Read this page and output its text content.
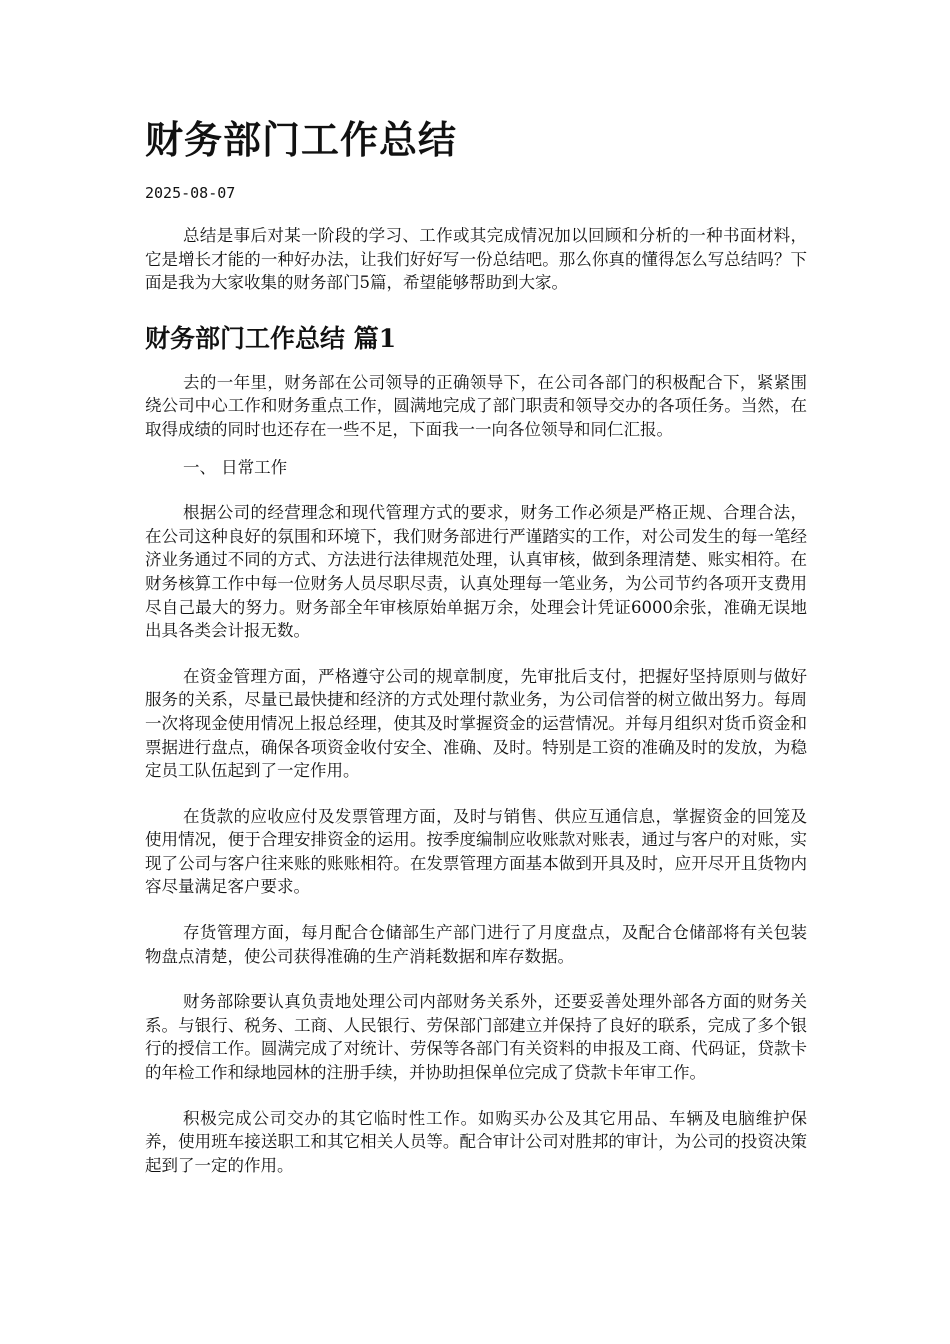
财务部门工作总结
2025-08-07

总结是事后对某一阶段的学习、工作或其完成情况加以回顾和分析的一种书面材料，它是增长才能的一种好办法，让我们好好写一份总结吧。那么你真的懂得怎么写总结吗？下面是我为大家收集的财务部门5篇，希望能够帮助到大家。

财务部门工作总结 篇1

去的一年里，财务部在公司领导的正确领导下，在公司各部门的积极配合下，紧紧围绕公司中心工作和财务重点工作，圆满地完成了部门职责和领导交办的各项任务。当然，在取得成绩的同时也还存在一些不足，下面我一一向各位领导和同仁汇报。

一、 日常工作

根据公司的经营理念和现代管理方式的要求，财务工作必须是严格正规、合理合法，在公司这种良好的氛围和环境下，我们财务部进行严谨踏实的工作，对公司发生的每一笔经济业务通过不同的方式、方法进行法律规范处理，认真审核，做到条理清楚、账实相符。在财务核算工作中每一位财务人员尽职尽责，认真处理每一笔业务，为公司节约各项开支费用尽自己最大的努力。财务部全年审核原始单据万余，处理会计凭证6000余张，准确无误地出具各类会计报无数。

在资金管理方面，严格遵守公司的规章制度，先审批后支付，把握好坚持原则与做好服务的关系，尽量已最快捷和经济的方式处理付款业务，为公司信誉的树立做出努力。每周一次将现金使用情况上报总经理，使其及时掌握资金的运营情况。并每月组织对货币资金和票据进行盘点，确保各项资金收付安全、准确、及时。特别是工资的准确及时的发放，为稳定员工队伍起到了一定作用。

在货款的应收应付及发票管理方面，及时与销售、供应互通信息，掌握资金的回笼及使用情况，便于合理安排资金的运用。按季度编制应收账款对账表，通过与客户的对账，实现了公司与客户往来账的账账相符。在发票管理方面基本做到开具及时，应开尽开且货物内容尽量满足客户要求。

存货管理方面，每月配合仓储部生产部门进行了月度盘点，及配合仓储部将有关包装物盘点清楚，使公司获得准确的生产消耗数据和库存数据。

财务部除要认真负责地处理公司内部财务关系外，还要妥善处理外部各方面的财务关系。与银行、税务、工商、人民银行、劳保部门部建立并保持了良好的联系，完成了多个银行的授信工作。圆满完成了对统计、劳保等各部门有关资料的申报及工商、代码证，贷款卡的年检工作和绿地园林的注册手续，并协助担保单位完成了贷款卡年审工作。

积极完成公司交办的其它临时性工作。如购买办公及其它用品、车辆及电脑维护保养，使用班车接送职工和其它相关人员等。配合审计公司对胜邦的审计，为公司的投资决策起到了一定的作用。
